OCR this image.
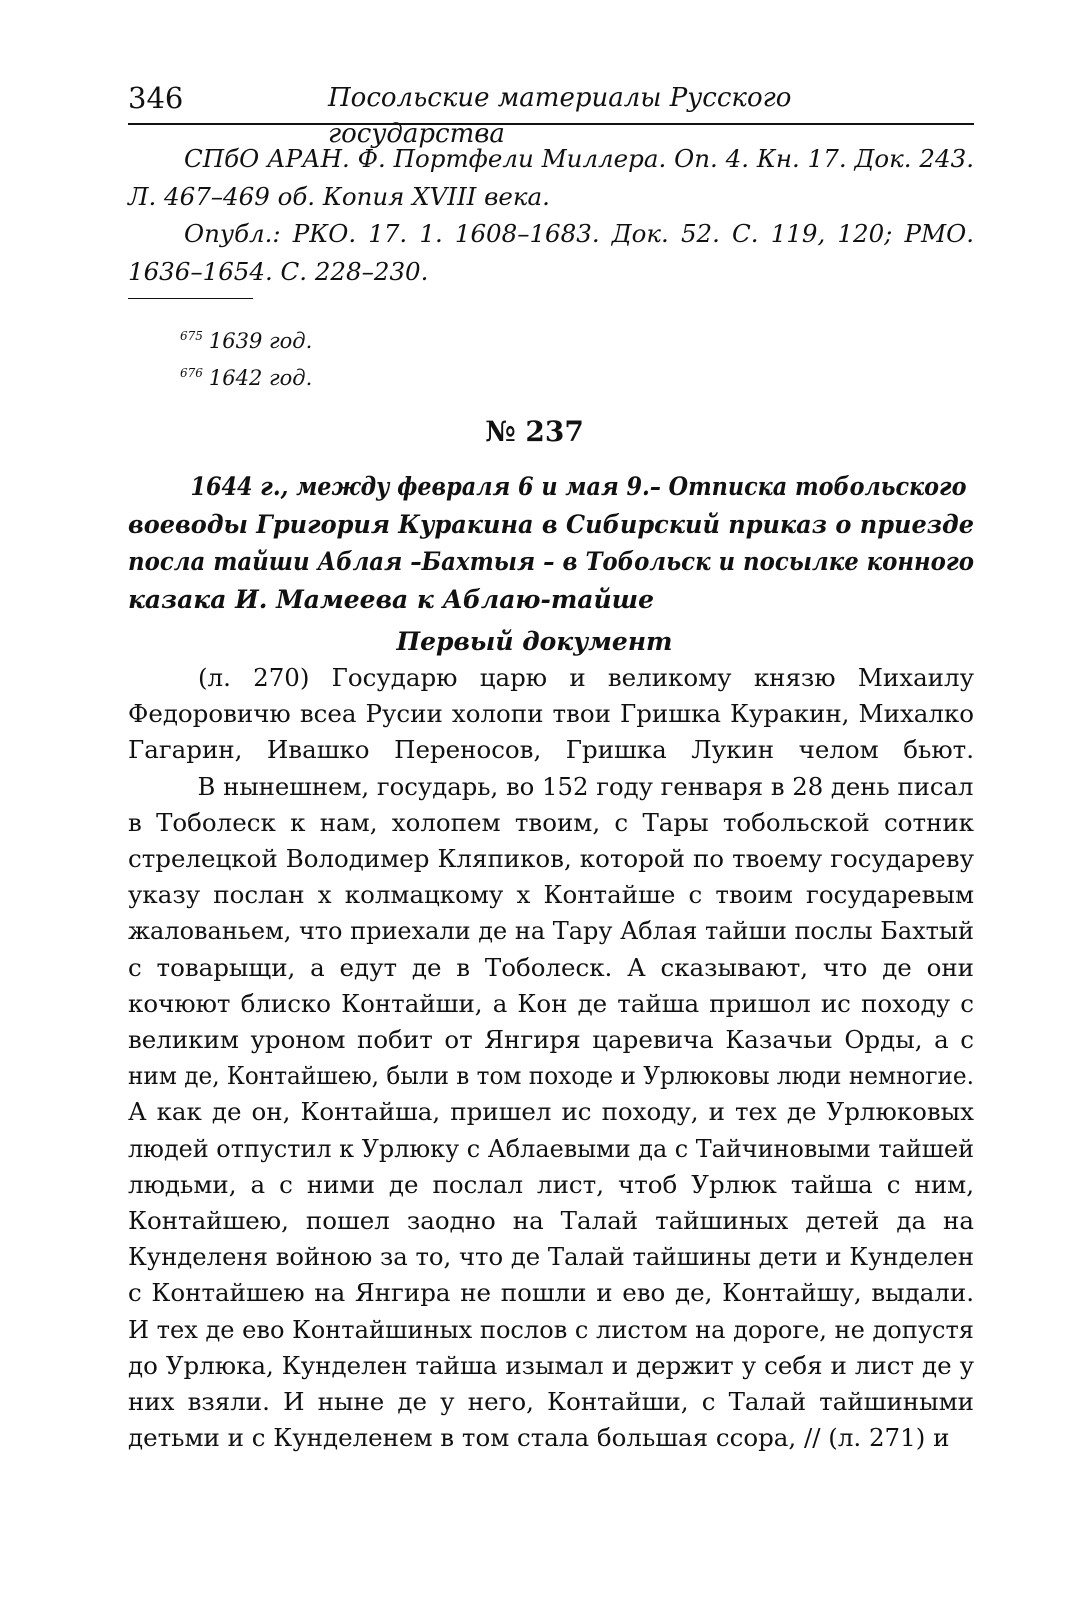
346	Посольские материалы Русского государства

СПбО АРАН. Ф. Портфели Миллера. Оп. 4. Кн. 17. Док. 243. Л. 467–469 об. Копия XVIII века.

Опубл.: РКО. 17. 1. 1608–1683. Док. 52. С. 119, 120; РМО. 1636–1654. С. 228–230.

$^{675}$ 1639 год.
$^{676}$ 1642 год.
№ 237
1644 г., между февраля 6 и мая 9.– Отписка тобольского
воеводы Григория Куракина в Сибирский приказ о приезде
посла тайши Аблая –Бахтыя – в Тобольск и посылке конного
казака И. Мамеева к Аблаю-тайше
Первый документ
(л. 270) Государю царю и великому князю Михаилу
Федоровичю всеа Русии холопи твои Гришка Куракин, Михалко
Гагарин, Ивашко Переносов, Гришка Лукин челом бьют.
В нынешнем, государь, во 152 году генваря в 28 день писал
в Тоболеск к нам, холопем твоим, с Тары тобольской сотник
стрелецкой Володимер Кляпиков, которой по твоему государеву
указу послан х колмацкому х Контайше с твоим государевым
жалованьем, что приехали де на Тару Аблая тайши послы Бахтый
с товарыщи, а едут де в Тоболеск. А сказывают, что де они
кочюют блиско Контайши, а Кон де тайша пришол ис походу с
великим уроном побит от Янгиря царевича Казачьи Орды, а с
ним де, Контайшею, были в том походе и Урлюковы люди немногие.
А как де он, Контайша, пришел ис походу, и тех де Урлюковых
людей отпустил к Урлюку с Аблаевыми да с Тайчиновыми тайшей
людьми, а с ними де послал лист, чтоб Урлюк тайша с ним,
Контайшею, пошел заодно на Талай тайшиных детей да на
Кунделеня войною за то, что де Талай тайшины дети и Кунделен
с Контайшею на Янгира не пошли и ево де, Контайшу, выдали.
И тех де ево Контайшиных послов с листом на дороге, не допустя
до Урлюка, Кунделен тайша изымал и держит у себя и лист де у
них взяли. И ныне де у него, Контайши, с Талай тайшиными
детьми и с Кунделенем в том стала большая ссора, // (л. 271) и
